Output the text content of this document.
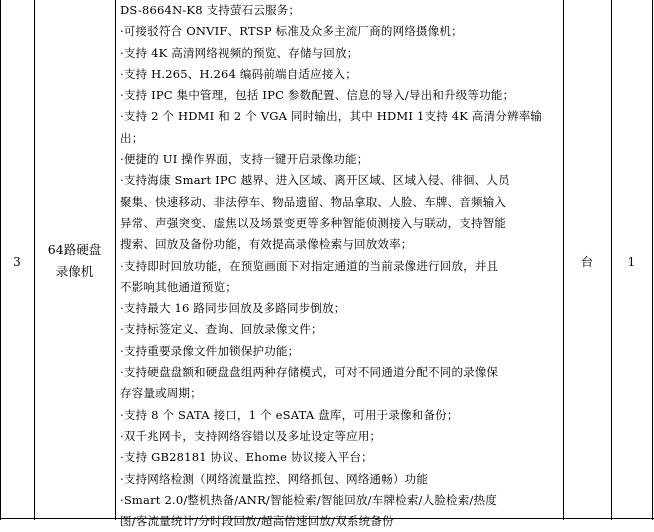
3
64路硬盘
录像机
DS-8664N-K8 支持萤石云服务；
·可接驳符合 ONVIF、RTSP 标准及众多主流厂商的网络摄像机；
·支持 4K 高清网络视频的预览、存储与回放；
·支持 H.265、H.264 编码前端自适应接入；
·支持 IPC 集中管理，包括 IPC 参数配置、信息的导入/导出和升级等功能；
·支持 2 个 HDMI 和 2 个 VGA 同时输出，其中 HDMI 1支持 4K 高清分辨率输
出；
·便捷的 UI 操作界面，支持一键开启录像功能；
·支持海康 Smart IPC 越界、进入区域、离开区域、区域入侵、徘徊、人员
聚集、快速移动、非法停车、物品遗留、物品拿取、人脸、车牌、音频输入
异常、声强突变、虚焦以及场景变更等多种智能侦测接入与联动，支持智能
搜索、回放及备份功能，有效提高录像检索与回放效率；
·支持即时回放功能，在预览画面下对指定通道的当前录像进行回放，并且
不影响其他通道预览；
·支持最大 16 路同步回放及多路同步倒放；
·支持标签定义、查询、回放录像文件；
·支持重要录像文件加锁保护功能；
·支持硬盘盘额和硬盘盘组两种存储模式，可对不同通道分配不同的录像保
存容量或周期；
·支持 8 个 SATA 接口，1 个 eSATA 盘库，可用于录像和备份；
·双千兆网卡，支持网络容错以及多址设定等应用；
·支持 GB28181 协议、Ehome 协议接入平台；
·支持网络检测（网络流量监控、网络抓包、网络通畅）功能
·Smart 2.0/整机热备/ANR/智能检索/智能回放/车牌检索/人脸检索/热度
图/客流量统计/分时段回放/超高倍速回放/双系统备份
台	1
